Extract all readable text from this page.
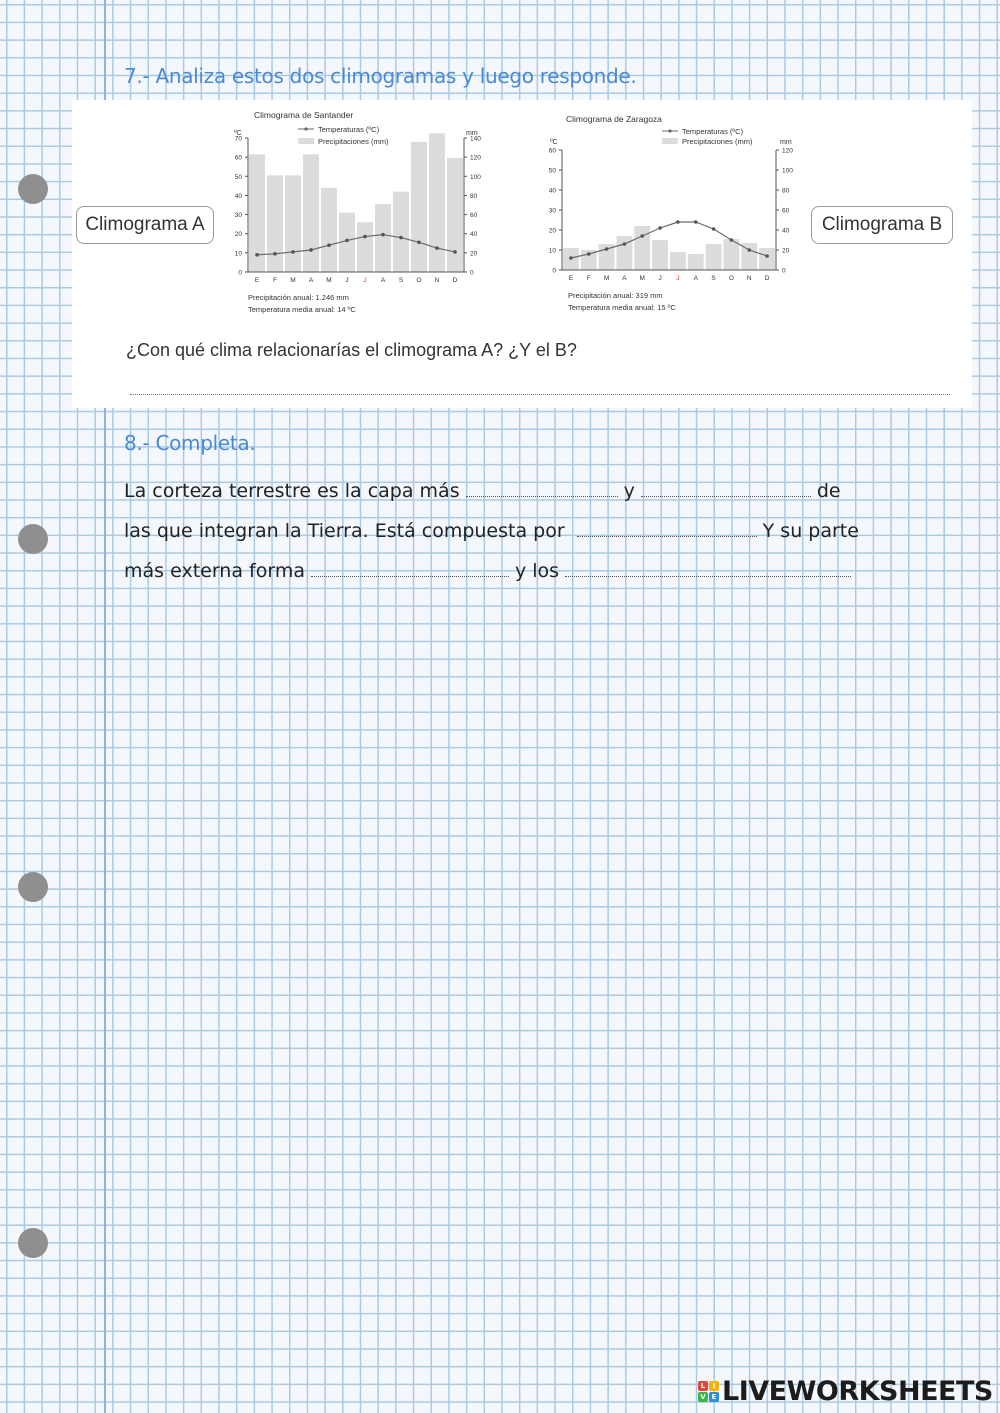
7.- Analiza estos dos climogramas y luego responde.
Climograma A	Climograma B
Climograma de Santander
Temperaturas (ºC)
Precipitaciones (mm)
ºC	mm
0
10
20
30
40
50
60
70
0
20
40
60
80
100
120
140
E F M A M J J A S O N D
Precipitación anual: 1.246 mm
Temperatura media anual: 14 ºC
Climograma de Zaragoza
Temperaturas (ºC)
Precipitaciones (mm)
ºC	mm
0
10
20
30
40
50
60
0
20
40
60
80
100
120
E F M A M J J A S O N D
Precipitación anual: 319 mm
Temperatura media anual: 15 ºC
¿Con qué clima relacionarías el climograma A? ¿Y el B?
8.- Completa.
La corteza terrestre es la capa más	y	de
las que integran la Tierra. Está compuesta por	Y su parte
más externa forma	y los
L	I
V E LIVEWORKSHEETS
